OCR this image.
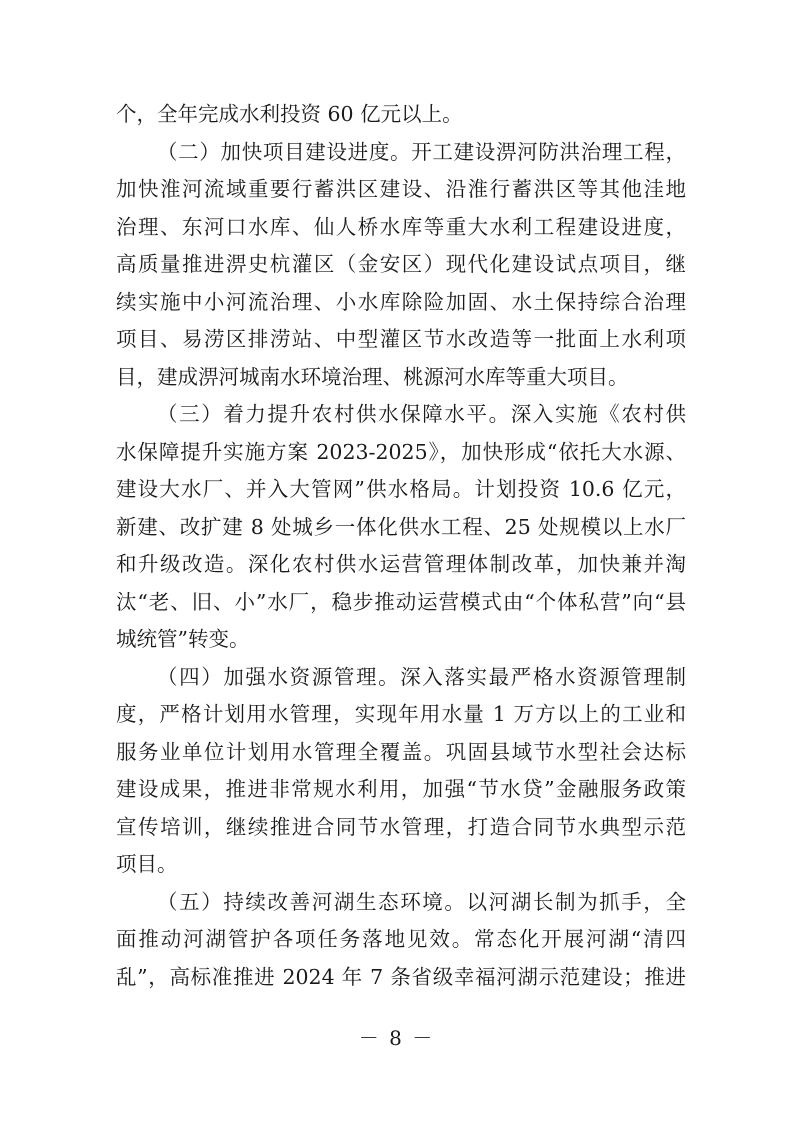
个，全年完成水利投资 60 亿元以上。
（二）加快项目建设进度。开工建设淠河防洪治理工程，
加快淮河流域重要行蓄洪区建设、沿淮行蓄洪区等其他洼地
治理、东河口水库、仙人桥水库等重大水利工程建设进度，
高质量推进淠史杭灌区（金安区）现代化建设试点项目，继
续实施中小河流治理、小水库除险加固、水土保持综合治理
项目、易涝区排涝站、中型灌区节水改造等一批面上水利项
目，建成淠河城南水环境治理、桃源河水库等重大项目。
（三）着力提升农村供水保障水平。深入实施《农村供
水保障提升实施方案 2023-2025》，加快形成“依托大水源、
建设大水厂、并入大管网”供水格局。计划投资 10.6 亿元，
新建、改扩建 8 处城乡一体化供水工程、25 处规模以上水厂
和升级改造。深化农村供水运营管理体制改革，加快兼并淘
汰“老、旧、小”水厂，稳步推动运营模式由“个体私营”向“县
城统管”转变。
（四）加强水资源管理。深入落实最严格水资源管理制
度，严格计划用水管理，实现年用水量 1 万方以上的工业和
服务业单位计划用水管理全覆盖。巩固县域节水型社会达标
建设成果，推进非常规水利用，加强“节水贷”金融服务政策
宣传培训，继续推进合同节水管理，打造合同节水典型示范
项目。
（五）持续改善河湖生态环境。以河湖长制为抓手，全
面推动河湖管护各项任务落地见效。常态化开展河湖“清四
乱”，高标准推进 2024 年 7 条省级幸福河湖示范建设；推进
－ 8 －
